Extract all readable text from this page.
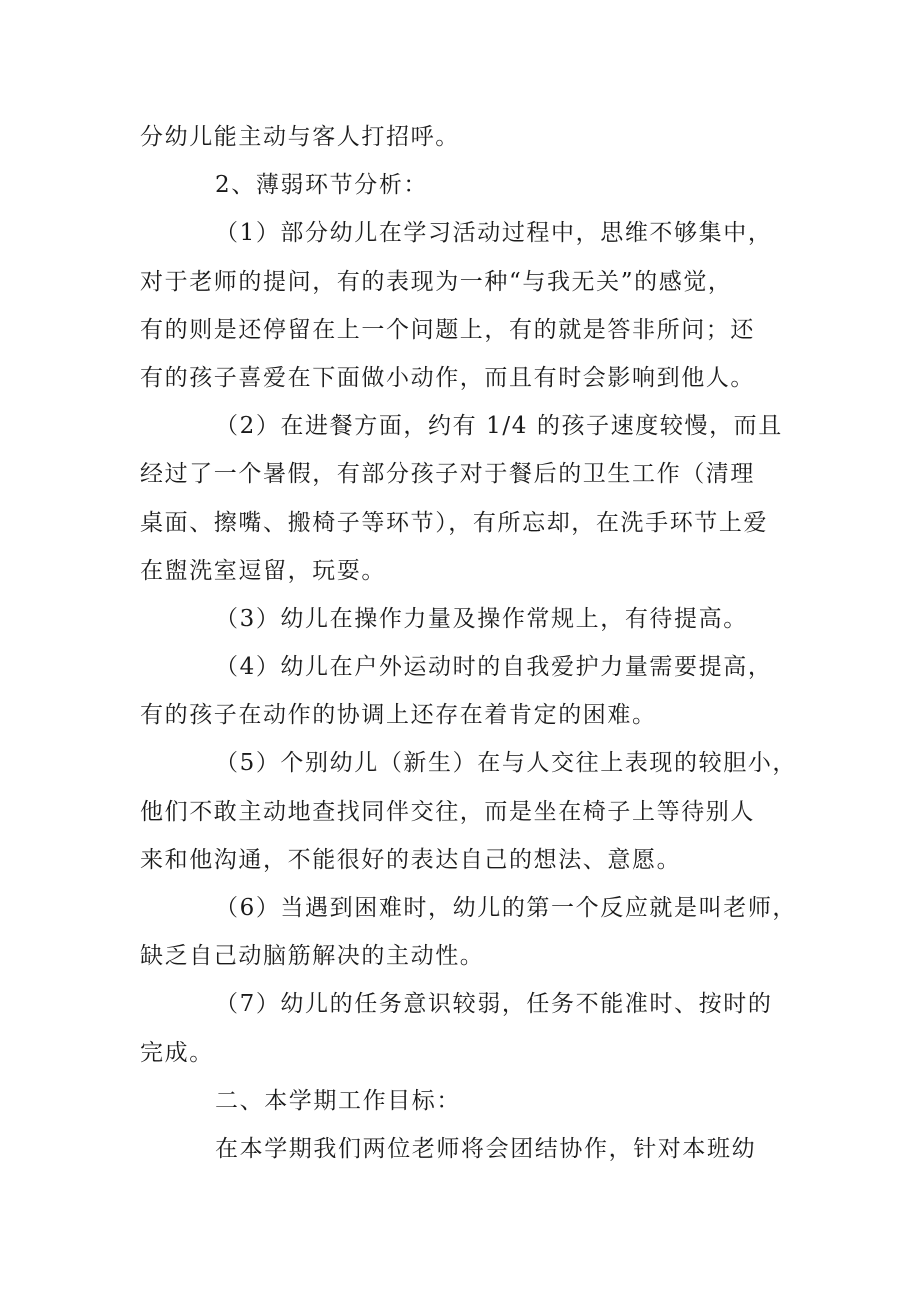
分幼儿能主动与客人打招呼。
2、薄弱环节分析：
（1）部分幼儿在学习活动过程中，思维不够集中，
对于老师的提问，有的表现为一种“与我无关”的感觉，
有的则是还停留在上一个问题上，有的就是答非所问；还
有的孩子喜爱在下面做小动作，而且有时会影响到他人。
（2）在进餐方面，约有 1/4 的孩子速度较慢，而且
经过了一个暑假，有部分孩子对于餐后的卫生工作（清理
桌面、擦嘴、搬椅子等环节），有所忘却，在洗手环节上爱
在盥洗室逗留，玩耍。
（3）幼儿在操作力量及操作常规上，有待提高。
（4）幼儿在户外运动时的自我爱护力量需要提高，
有的孩子在动作的协调上还存在着肯定的困难。
（5）个别幼儿（新生）在与人交往上表现的较胆小，
他们不敢主动地查找同伴交往，而是坐在椅子上等待别人
来和他沟通，不能很好的表达自己的想法、意愿。
（6）当遇到困难时，幼儿的第一个反应就是叫老师，
缺乏自己动脑筋解决的主动性。
（7）幼儿的任务意识较弱，任务不能准时、按时的
完成。
二、本学期工作目标：
在本学期我们两位老师将会团结协作，针对本班幼
